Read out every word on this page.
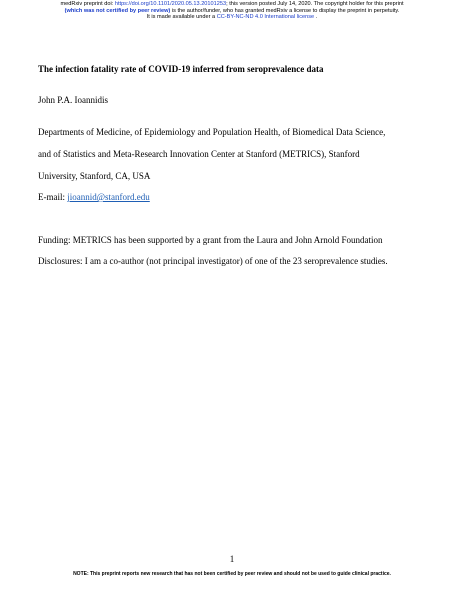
medRxiv preprint doi: https://doi.org/10.1101/2020.05.13.20101253; this version posted July 14, 2020. The copyright holder for this preprint
(which was not certified by peer review) is the author/funder, who has granted medRxiv a license to display the preprint in perpetuity.
It is made available under a CC-BY-NC-ND 4.0 International license .
The infection fatality rate of COVID-19 inferred from seroprevalence data
John P.A. Ioannidis
Departments of Medicine, of Epidemiology and Population Health, of Biomedical Data Science,
and of Statistics and Meta-Research Innovation Center at Stanford (METRICS), Stanford
University, Stanford, CA, USA
E-mail: jioannid@stanford.edu
Funding: METRICS has been supported by a grant from the Laura and John Arnold Foundation
Disclosures: I am a co-author (not principal investigator) of one of the 23 seroprevalence studies.
1
NOTE: This preprint reports new research that has not been certified by peer review and should not be used to guide clinical practice.
